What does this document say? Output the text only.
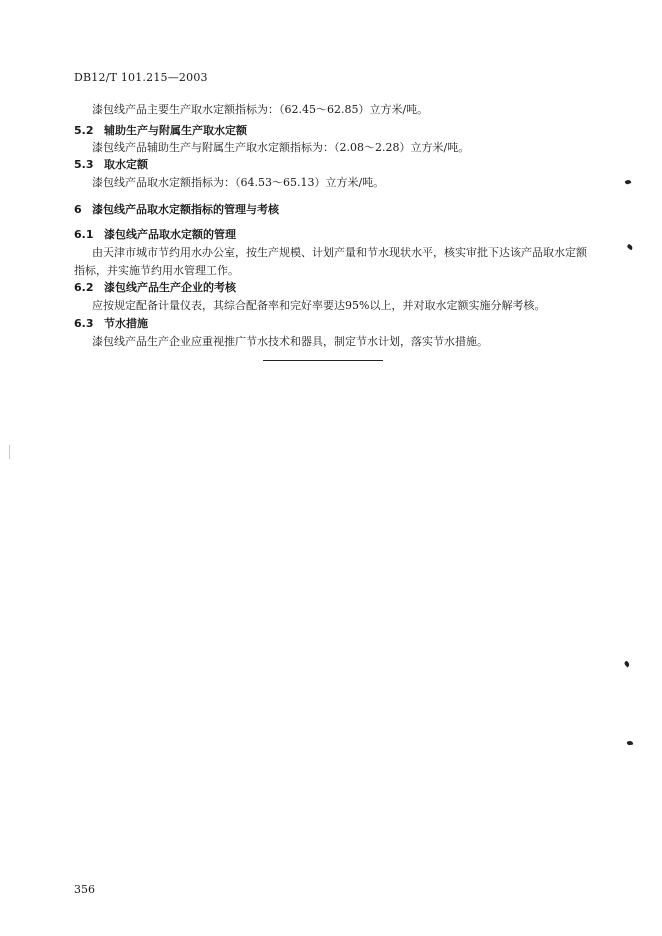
DB12/T 101.215—2003
漆包线产品主要生产取水定额指标为：（62.45～62.85）立方米/吨。
5.2 辅助生产与附属生产取水定额
漆包线产品辅助生产与附属生产取水定额指标为：（2.08～2.28）立方米/吨。
5.3 取水定额
漆包线产品取水定额指标为：（64.53～65.13）立方米/吨。
6 漆包线产品取水定额指标的管理与考核
6.1 漆包线产品取水定额的管理
由天津市城市节约用水办公室，按生产规模、计划产量和节水现状水平，核实审批下达该产品取水定额
指标，并实施节约用水管理工作。
6.2 漆包线产品生产企业的考核
应按规定配备计量仪表，其综合配备率和完好率要达95%以上，并对取水定额实施分解考核。
6.3 节水措施
漆包线产品生产企业应重视推广节水技术和器具，制定节水计划，落实节水措施。
356
